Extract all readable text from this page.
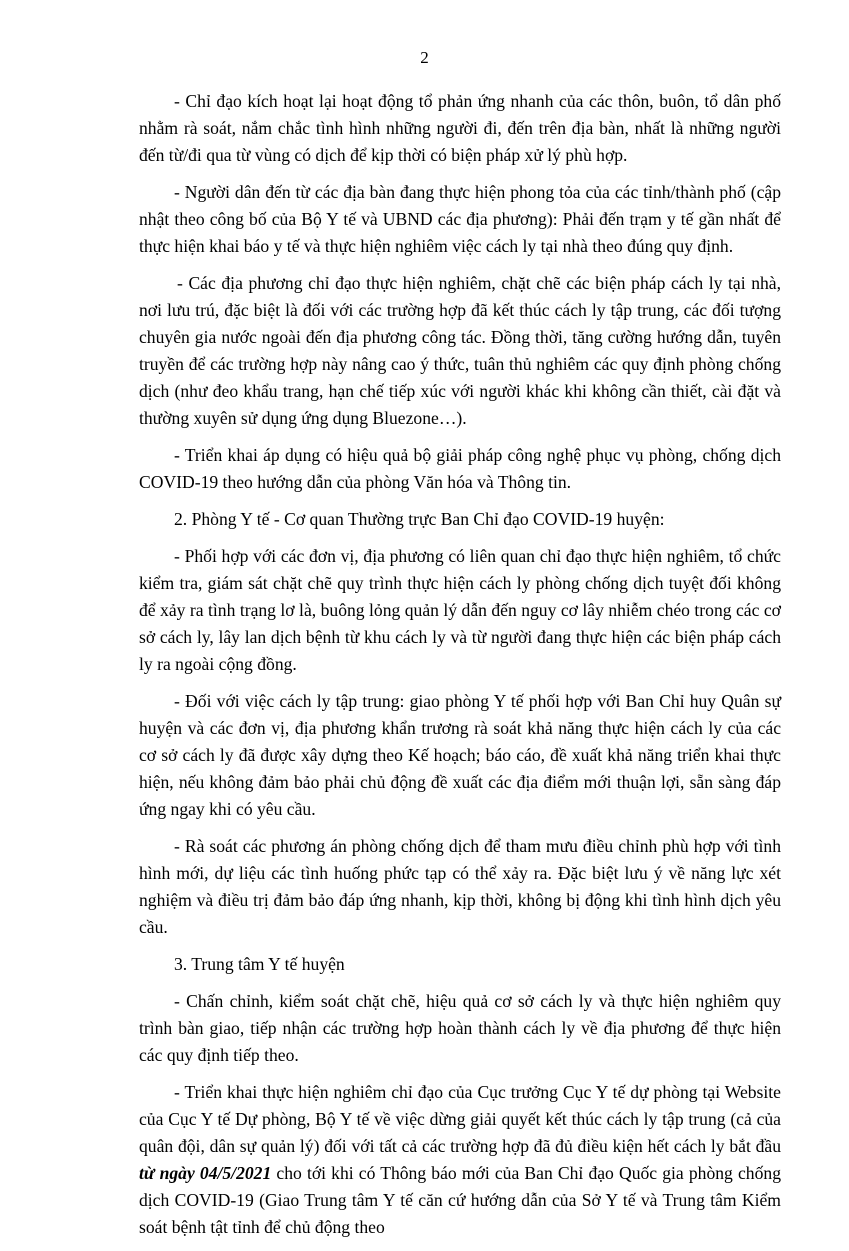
2

- Chỉ đạo kích hoạt lại hoạt động tổ phản ứng nhanh của các thôn, buôn, tổ dân phố nhằm rà soát, nắm chắc tình hình những người đi, đến trên địa bàn, nhất là những người đến từ/đi qua từ vùng có dịch để kịp thời có biện pháp xử lý phù hợp.

- Người dân đến từ các địa bàn đang thực hiện phong tỏa của các tỉnh/thành phố (cập nhật theo công bố của Bộ Y tế và UBND các địa phương): Phải đến trạm y tế gần nhất để thực hiện khai báo y tế và thực hiện nghiêm việc cách ly tại nhà theo đúng quy định.

- Các địa phương chỉ đạo thực hiện nghiêm, chặt chẽ các biện pháp cách ly tại nhà, nơi lưu trú, đặc biệt là đối với các trường hợp đã kết thúc cách ly tập trung, các đối tượng chuyên gia nước ngoài đến địa phương công tác. Đồng thời, tăng cường hướng dẫn, tuyên truyền để các trường hợp này nâng cao ý thức, tuân thủ nghiêm các quy định phòng chống dịch (như đeo khẩu trang, hạn chế tiếp xúc với người khác khi không cần thiết, cài đặt và thường xuyên sử dụng ứng dụng Bluezone…).

- Triển khai áp dụng có hiệu quả bộ giải pháp công nghệ phục vụ phòng, chống dịch COVID-19 theo hướng dẫn của phòng Văn hóa và Thông tin.

2. Phòng Y tế - Cơ quan Thường trực Ban Chỉ đạo COVID-19 huyện:

- Phối hợp với các đơn vị, địa phương có liên quan chỉ đạo thực hiện nghiêm, tổ chức kiểm tra, giám sát chặt chẽ quy trình thực hiện cách ly phòng chống dịch tuyệt đối không để xảy ra tình trạng lơ là, buông lỏng quản lý dẫn đến nguy cơ lây nhiễm chéo trong các cơ sở cách ly, lây lan dịch bệnh từ khu cách ly và từ người đang thực hiện các biện pháp cách ly ra ngoài cộng đồng.

- Đối với việc cách ly tập trung: giao phòng Y tế phối hợp với Ban Chỉ huy Quân sự huyện và các đơn vị, địa phương khẩn trương rà soát khả năng thực hiện cách ly của các cơ sở cách ly đã được xây dựng theo Kế hoạch; báo cáo, đề xuất khả năng triển khai thực hiện, nếu không đảm bảo phải chủ động đề xuất các địa điểm mới thuận lợi, sẵn sàng đáp ứng ngay khi có yêu cầu.

- Rà soát các phương án phòng chống dịch để tham mưu điều chỉnh phù hợp với tình hình mới, dự liệu các tình huống phức tạp có thể xảy ra. Đặc biệt lưu ý về năng lực xét nghiệm và điều trị đảm bảo đáp ứng nhanh, kịp thời, không bị động khi tình hình dịch yêu cầu.

3. Trung tâm Y tế huyện

- Chấn chỉnh, kiểm soát chặt chẽ, hiệu quả cơ sở cách ly và thực hiện nghiêm quy trình bàn giao, tiếp nhận các trường hợp hoàn thành cách ly về địa phương để thực hiện các quy định tiếp theo.

- Triển khai thực hiện nghiêm chỉ đạo của Cục trưởng Cục Y tế dự phòng tại Website của Cục Y tế Dự phòng, Bộ Y tế về việc dừng giải quyết kết thúc cách ly tập trung (cả của quân đội, dân sự quản lý) đối với tất cả các trường hợp đã đủ điều kiện hết cách ly bắt đầu từ ngày 04/5/2021 cho tới khi có Thông báo mới của Ban Chỉ đạo Quốc gia phòng chống dịch COVID-19 (Giao Trung tâm Y tế căn cứ hướng dẫn của Sở Y tế và Trung tâm Kiểm soát bệnh tật tỉnh để chủ động theo
